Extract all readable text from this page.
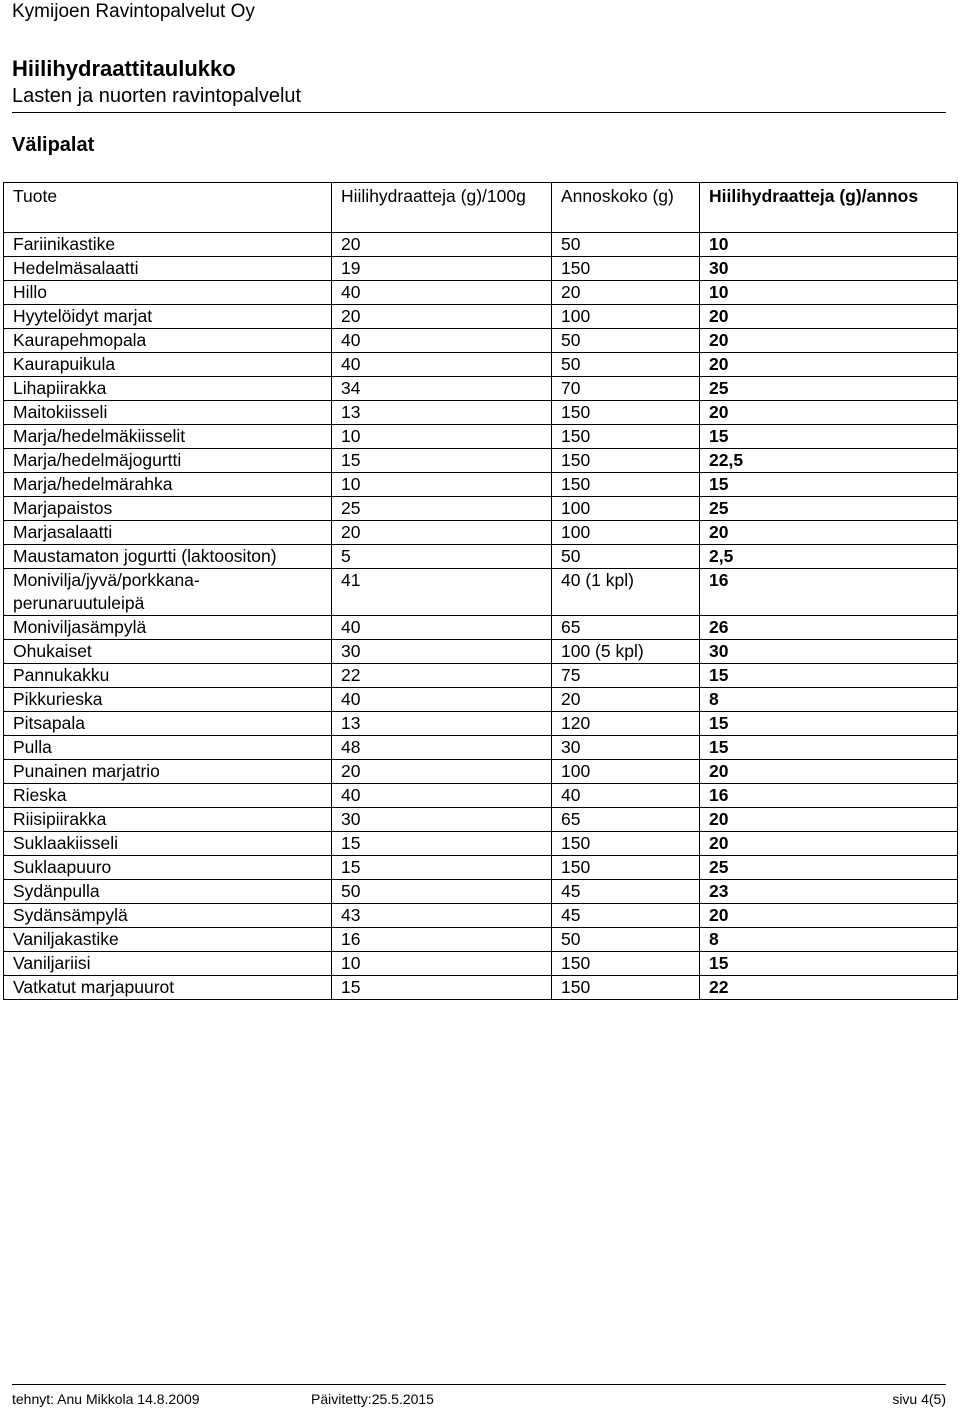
Kymijoen Ravintopalvelut Oy
Hiilihydraattitaulukko
Lasten ja nuorten ravintopalvelut
Välipalat
Tuote	Hiilihydraatteja (g)/100g	Annoskoko (g)	Hiilihydraatteja (g)/annos
Fariinikastike	20	50	10
Hedelmäsalaatti	19	150	30
Hillo	40	20	10
Hyytelöidyt marjat	20	100	20
Kaurapehmopala	40	50	20
Kaurapuikula	40	50	20
Lihapiirakka	34	70	25
Maitokiisseli	13	150	20
Marja/hedelmäkiisselit	10	150	15
Marja/hedelmäjogurtti	15	150	22,5
Marja/hedelmärahka	10	150	15
Marjapaistos	25	100	25
Marjasalaatti	20	100	20
Maustamaton jogurtti (laktoositon)	5	50	2,5
Monivilja/jyvä/porkkana-perunaruutuleipä	41	40 (1 kpl)	16
Moniviljasämpylä	40	65	26
Ohukaiset	30	100 (5 kpl)	30
Pannukakku	22	75	15
Pikkurieska	40	20	8
Pitsapala	13	120	15
Pulla	48	30	15
Punainen marjatrio	20	100	20
Rieska	40	40	16
Riisipiirakka	30	65	20
Suklaakiisseli	15	150	20
Suklaapuuro	15	150	25
Sydänpulla	50	45	23
Sydänsämpylä	43	45	20
Vaniljakastike	16	50	8
Vaniljariisi	10	150	15
Vatkatut marjapuurot	15	150	22
tehnyt: Anu Mikkola 14.8.2009	Päivitetty:25.5.2015	sivu 4(5)
